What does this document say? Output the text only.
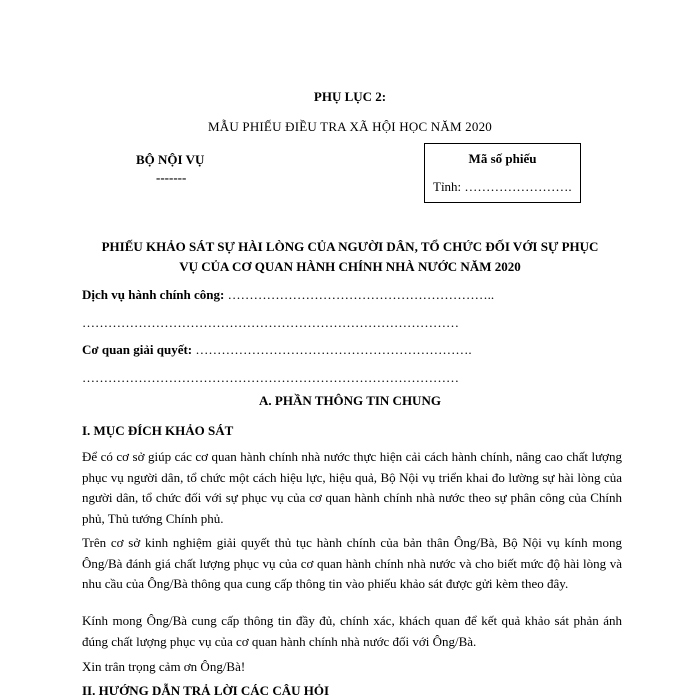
PHỤ LỤC 2:
MẪU PHIẾU ĐIỀU TRA XÃ HỘI HỌC NĂM 2020
BỘ NỘI VỤ
-------
Mã số phiếu
Tỉnh: …………………….
PHIẾU KHẢO SÁT SỰ HÀI LÒNG CỦA NGƯỜI DÂN, TỔ CHỨC ĐỐI VỚI SỰ PHỤC
VỤ CỦA CƠ QUAN HÀNH CHÍNH NHÀ NƯỚC NĂM 2020
Dịch vụ hành chính công: ……………………………………………………..
……………………………………………………………………………
Cơ quan giải quyết: ……………………………………………………….
……………………………………………………………………………
A. PHẦN THÔNG TIN CHUNG
I. MỤC ĐÍCH KHẢO SÁT
Để có cơ sở giúp các cơ quan hành chính nhà nước thực hiện cải cách hành chính, nâng cao chất lượng phục vụ người dân, tổ chức một cách hiệu lực, hiệu quả, Bộ Nội vụ triển khai đo lường sự hài lòng của người dân, tổ chức đối với sự phục vụ của cơ quan hành chính nhà nước theo sự phân công của Chính phủ, Thủ tướng Chính phủ.
Trên cơ sở kinh nghiệm giải quyết thủ tục hành chính của bản thân Ông/Bà, Bộ Nội vụ kính mong Ông/Bà đánh giá chất lượng phục vụ của cơ quan hành chính nhà nước và cho biết mức độ hài lòng và nhu cầu của Ông/Bà thông qua cung cấp thông tin vào phiếu khảo sát được gửi kèm theo đây.
Kính mong Ông/Bà cung cấp thông tin đầy đủ, chính xác, khách quan để kết quả khảo sát phản ánh đúng chất lượng phục vụ của cơ quan hành chính nhà nước đối với Ông/Bà.
Xin trân trọng cảm ơn Ông/Bà!
II. HƯỚNG DẪN TRẢ LỜI CÁC CÂU HỎI
